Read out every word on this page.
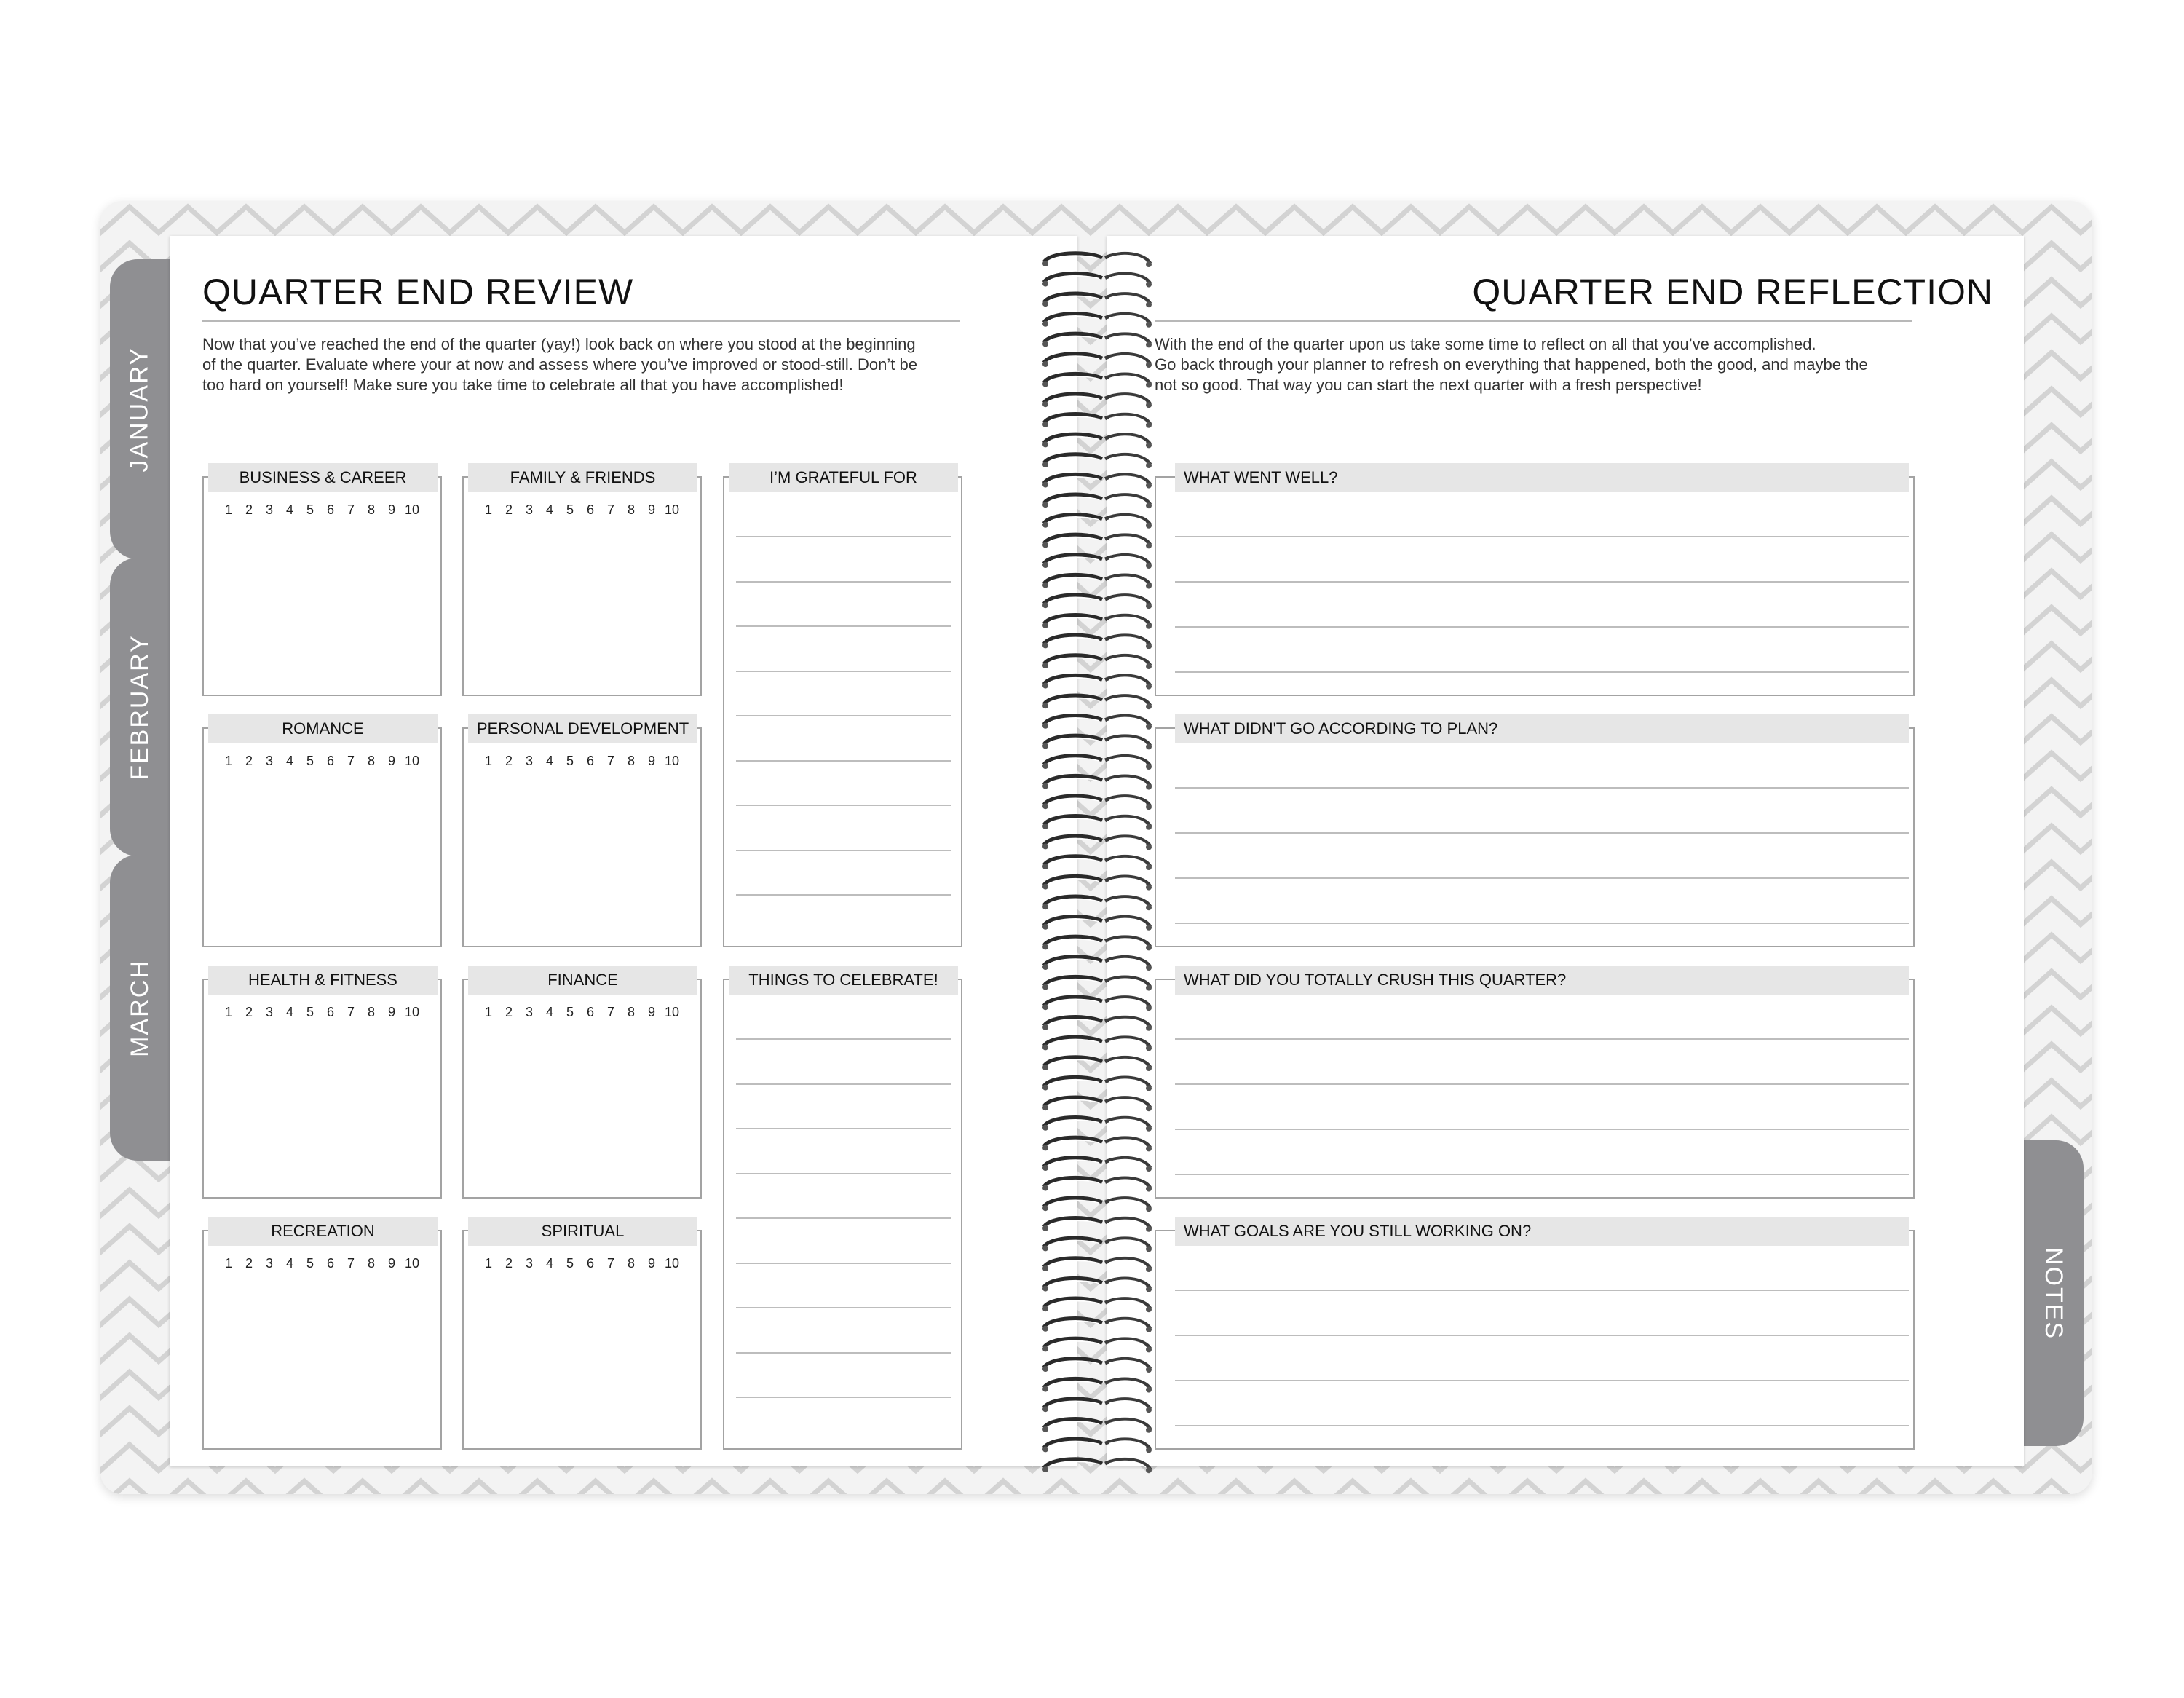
JANUARY
FEBRUARY
MARCH
NOTES
QUARTER END REVIEW

Now that you’ve reached the end of the quarter (yay!) look back on where you stood at the beginning
of the quarter. Evaluate where your at now and assess where you’ve improved or stood-still. Don’t be
too hard on yourself! Make sure you take time to celebrate all that you have accomplished!

BUSINESS & CAREER
1 2 3 4 5 6 7 8 9 10
FAMILY & FRIENDS
1 2 3 4 5 6 7 8 9 10
ROMANCE
1 2 3 4 5 6 7 8 9 10
PERSONAL DEVELOPMENT
1 2 3 4 5 6 7 8 9 10
HEALTH & FITNESS
1 2 3 4 5 6 7 8 9 10
FINANCE
1 2 3 4 5 6 7 8 9 10
RECREATION
1 2 3 4 5 6 7 8 9 10
SPIRITUAL
1 2 3 4 5 6 7 8 9 10
I’M GRATEFUL FOR
THINGS TO CELEBRATE!
QUARTER END REFLECTION

With the end of the quarter upon us take some time to reflect on all that you’ve accomplished.
Go back through your planner to refresh on everything that happened, both the good, and maybe the
not so good. That way you can start the next quarter with a fresh perspective!

WHAT WENT WELL?
WHAT DIDN'T GO ACCORDING TO PLAN?
WHAT DID YOU TOTALLY CRUSH THIS QUARTER?
WHAT GOALS ARE YOU STILL WORKING ON?
